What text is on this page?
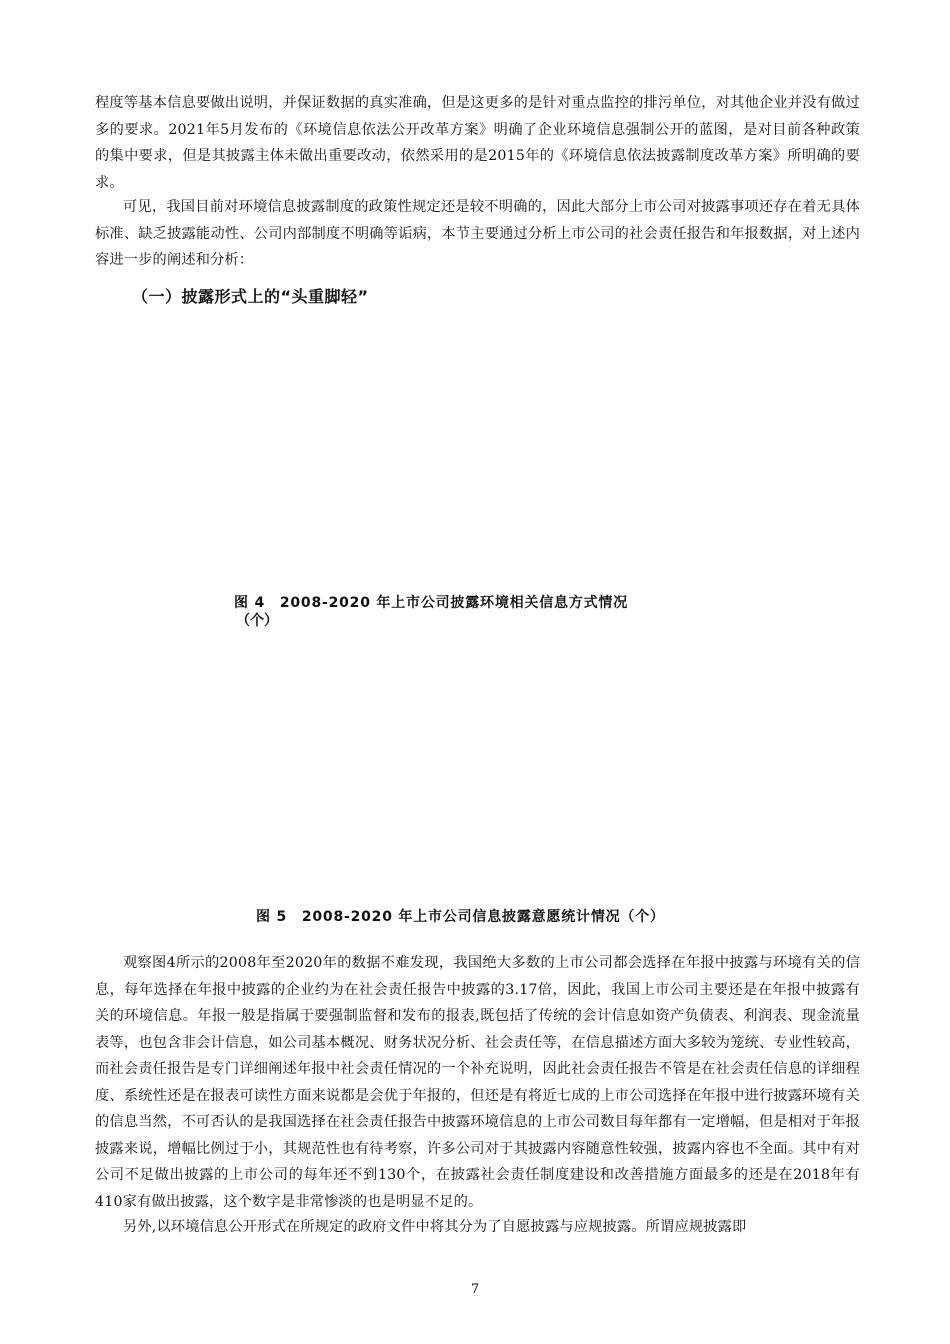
程度等基本信息要做出说明，并保证数据的真实准确，但是这更多的是针对重点监控的排污单位，对其他企业并没有做过多的要求。2021年5月发布的《环境信息依法公开改革方案》明确了企业环境信息强制公开的蓝图，是对目前各种政策的集中要求，但是其披露主体未做出重要改动，依然采用的是2015年的《环境信息依法披露制度改革方案》所明确的要求。

可见，我国目前对环境信息披露制度的政策性规定还是较不明确的，因此大部分上市公司对披露事项还存在着无具体标准、缺乏披露能动性、公司内部制度不明确等诟病，本节主要通过分析上市公司的社会责任报告和年报数据，对上述内容进一步的阐述和分析：

（一）披露形式上的“头重脚轻”

图 4　2008-2020 年上市公司披露环境相关信息方式情况

（个）

图 5　2008-2020 年上市公司信息披露意愿统计情况（个）

观察图4所示的2008年至2020年的数据不难发现，我国绝大多数的上市公司都会选择在年报中披露与环境有关的信息，每年选择在年报中披露的企业约为在社会责任报告中披露的3.17倍，因此，我国上市公司主要还是在年报中披露有关的环境信息。年报一般是指属于要强制监督和发布的报表,既包括了传统的会计信息如资产负债表、利润表、现金流量表等，也包含非会计信息，如公司基本概况、财务状况分析、社会责任等，在信息描述方面大多较为笼统、专业性较高，而社会责任报告是专门详细阐述年报中社会责任情况的一个补充说明，因此社会责任报告不管是在社会责任信息的详细程度、系统性还是在报表可读性方面来说都是会优于年报的，但还是有将近七成的上市公司选择在年报中进行披露环境有关的信息当然，不可否认的是我国选择在社会责任报告中披露环境信息的上市公司数目每年都有一定增幅，但是相对于年报披露来说，增幅比例过于小，其规范性也有待考察，许多公司对于其披露内容随意性较强，披露内容也不全面。其中有对公司不足做出披露的上市公司的每年还不到130个，在披露社会责任制度建设和改善措施方面最多的还是在2018年有410家有做出披露，这个数字是非常惨淡的也是明显不足的。

另外,以环境信息公开形式在所规定的政府文件中将其分为了自愿披露与应规披露。所谓应规披露即

7
